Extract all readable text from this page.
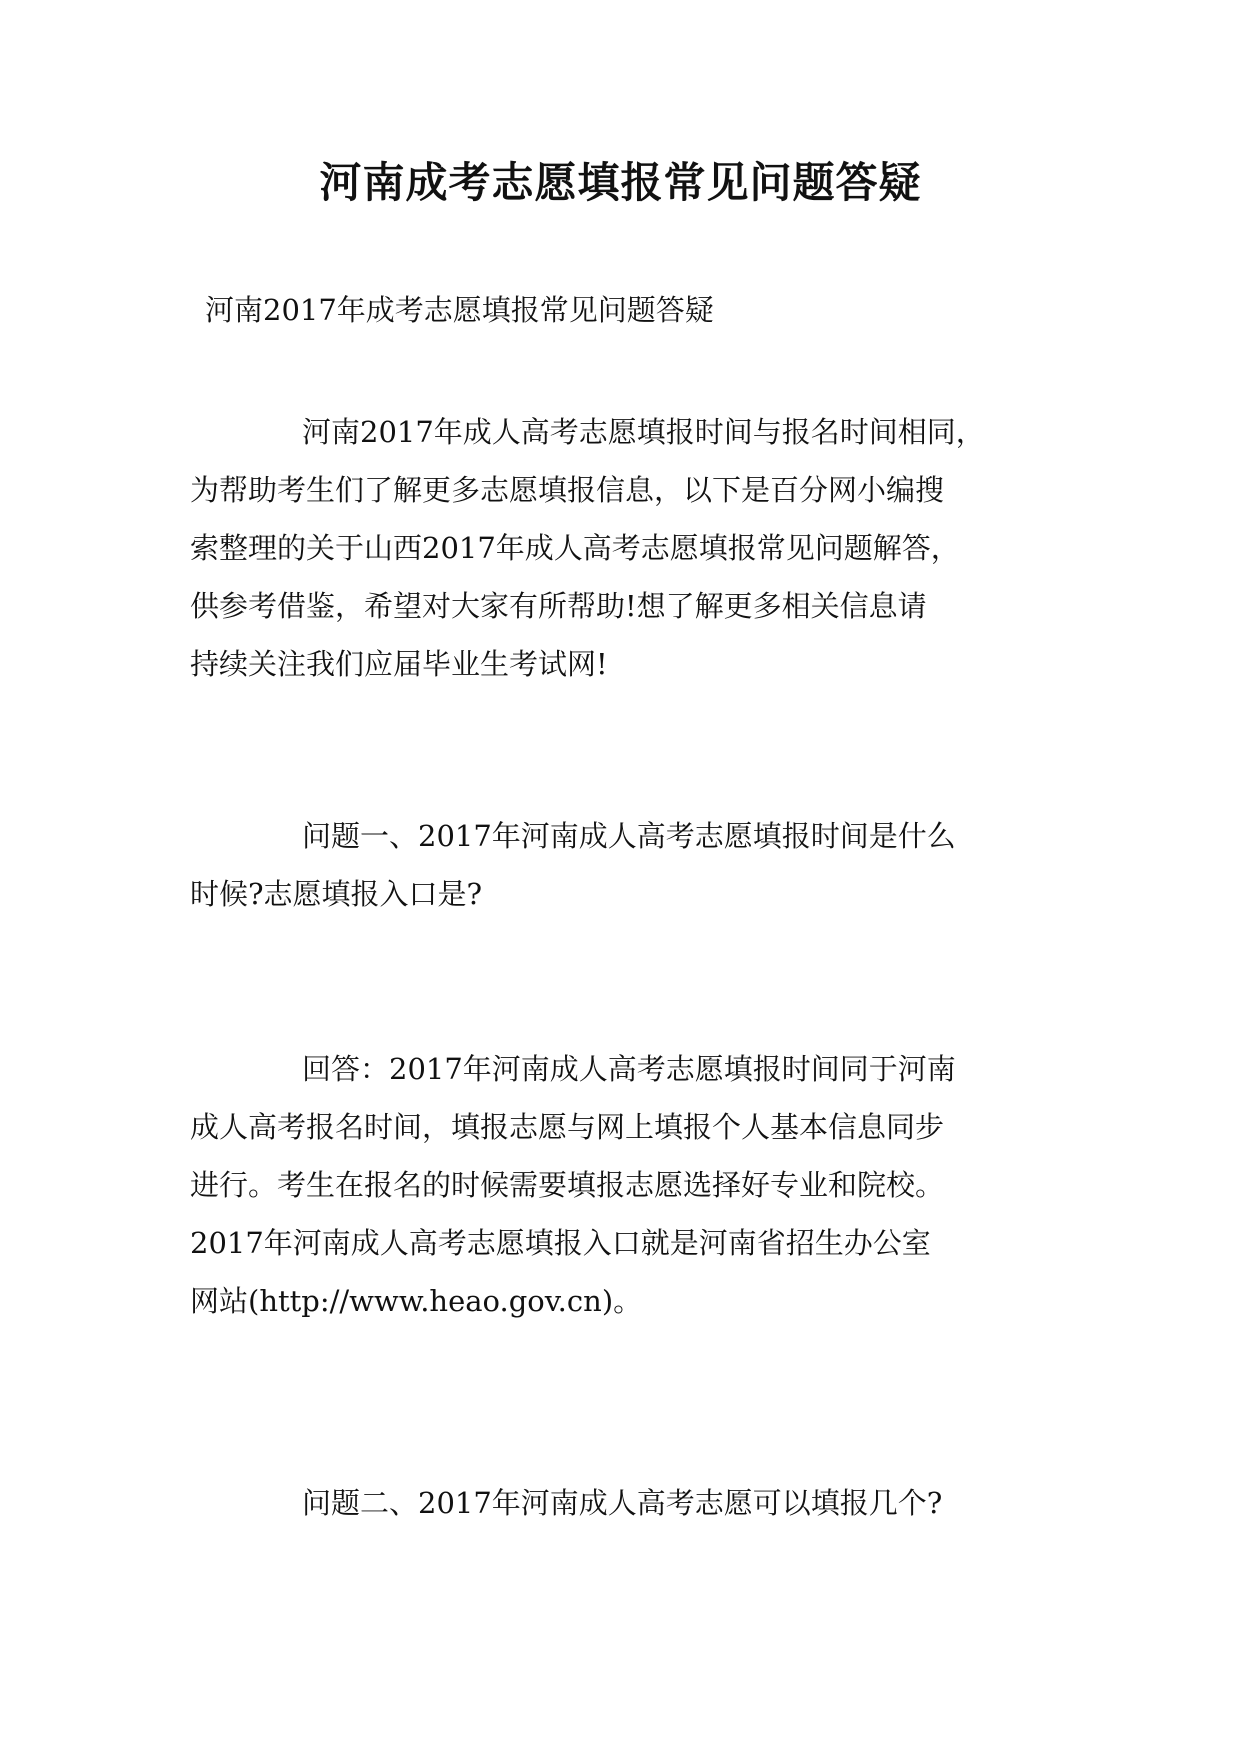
河南成考志愿填报常见问题答疑

河南2017年成考志愿填报常见问题答疑

河南2017年成人高考志愿填报时间与报名时间相同，
为帮助考生们了解更多志愿填报信息，以下是百分网小编搜
索整理的关于山西2017年成人高考志愿填报常见问题解答，
供参考借鉴，希望对大家有所帮助!想了解更多相关信息请
持续关注我们应届毕业生考试网!

问题一、2017年河南成人高考志愿填报时间是什么
时候?志愿填报入口是?

回答：2017年河南成人高考志愿填报时间同于河南
成人高考报名时间，填报志愿与网上填报个人基本信息同步
进行。考生在报名的时候需要填报志愿选择好专业和院校。
2017年河南成人高考志愿填报入口就是河南省招生办公室
网站(http://www.heao.gov.cn)。

问题二、2017年河南成人高考志愿可以填报几个?
